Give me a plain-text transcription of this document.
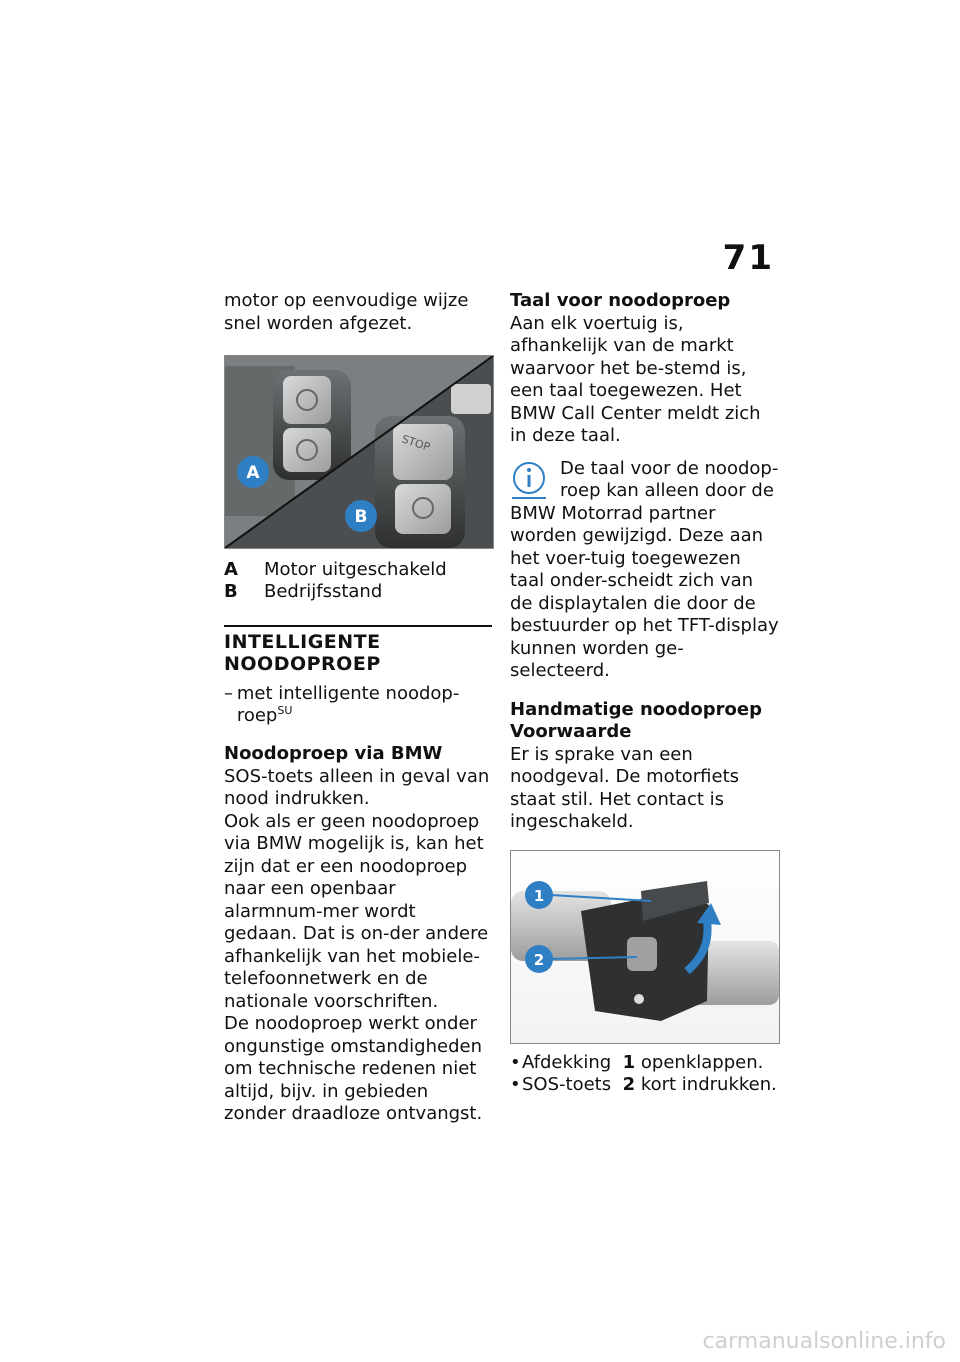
71

motor op eenvoudige wijze snel worden afgezet.

STOP
A
B
A	Motor uitgeschakeld
B	Bedrijfsstand

INTELLIGENTE

NOODOPROEP

– met intelligente noodop-roep$^{SU}$

Noodoproep via BMW

SOS-toets alleen in geval van nood indrukken.

Ook als er geen noodoproep via BMW mogelijk is, kan het zijn dat er een noodoproep naar een openbaar alarmnum-mer wordt gedaan. Dat is on-der andere afhankelijk van het mobiele-telefoonnetwerk en de nationale voorschriften.

De noodoproep werkt onder ongunstige omstandigheden om technische redenen niet altijd, bijv. in gebieden zonder draadloze ontvangst.

Taal voor noodoproep

Aan elk voertuig is, afhankelijk van de markt waarvoor het be-stemd is, een taal toegewezen. Het BMW Call Center meldt zich in deze taal.

De taal voor de noodop-roep kan alleen door de

BMW Motorrad partner worden gewijzigd. Deze aan het voer-tuig toegewezen taal onder-scheidt zich van de displaytalen die door de bestuurder op het TFT-display kunnen worden ge-selecteerd.

Handmatige noodoproep

Voorwaarde

Er is sprake van een noodgeval. De motorfiets staat stil. Het contact is ingeschakeld.

1
2
• Afdekking 1 openklappen.
• SOS-toets 2 kort indrukken.
carmanualsonline.info
